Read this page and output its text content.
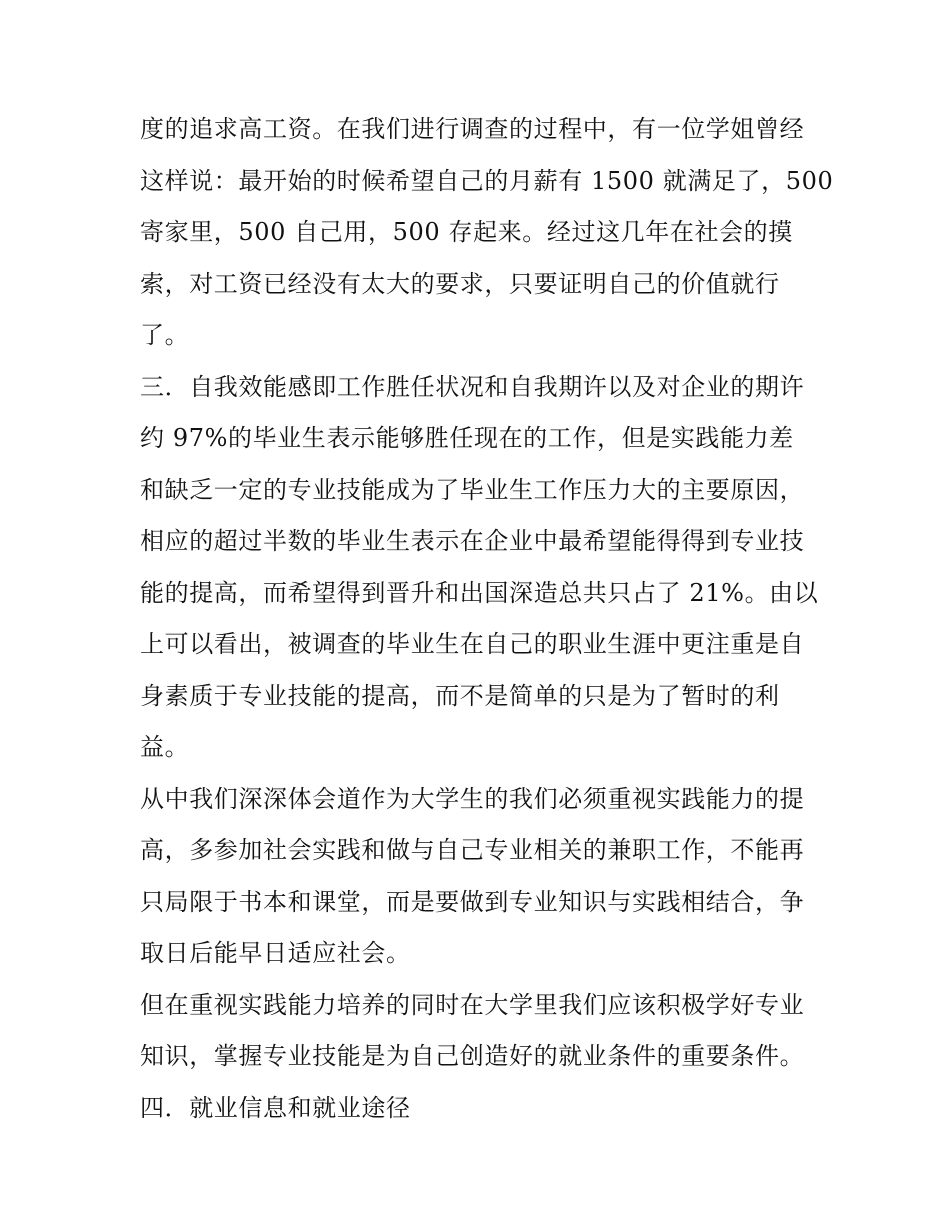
度的追求高工资。在我们进行调查的过程中，有一位学姐曾经
这样说：最开始的时候希望自己的月薪有 1500 就满足了，500
寄家里，500 自己用，500 存起来。经过这几年在社会的摸
索，对工资已经没有太大的要求，只要证明自己的价值就行
了。
三．自我效能感即工作胜任状况和自我期许以及对企业的期许
约 97%的毕业生表示能够胜任现在的工作，但是实践能力差
和缺乏一定的专业技能成为了毕业生工作压力大的主要原因，
相应的超过半数的毕业生表示在企业中最希望能得得到专业技
能的提高，而希望得到晋升和出国深造总共只占了 21%。由以
上可以看出，被调查的毕业生在自己的职业生涯中更注重是自
身素质于专业技能的提高，而不是简单的只是为了暂时的利
益。
从中我们深深体会道作为大学生的我们必须重视实践能力的提
高，多参加社会实践和做与自己专业相关的兼职工作，不能再
只局限于书本和课堂，而是要做到专业知识与实践相结合，争
取日后能早日适应社会。
但在重视实践能力培养的同时在大学里我们应该积极学好专业
知识，掌握专业技能是为自己创造好的就业条件的重要条件。
四．就业信息和就业途径
